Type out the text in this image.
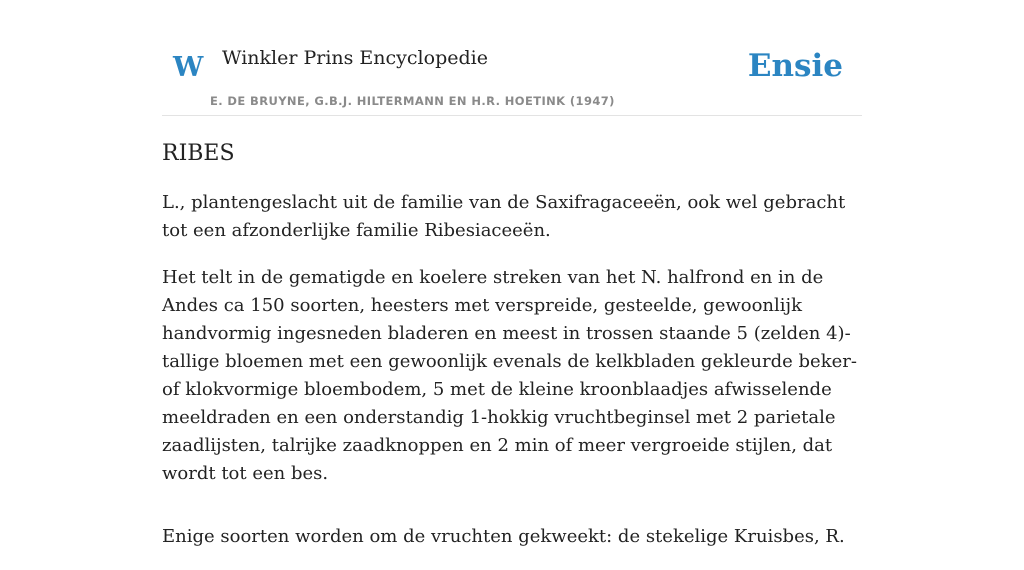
W Winkler Prins Encyclopedie
E. DE BRUYNE, G.B.J. HILTERMANN EN H.R. HOETINK (1947)
Ensie
RIBES

L., plantengeslacht uit de familie van de Saxifragaceeën, ook wel gebracht tot een afzonderlijke familie Ribesiaceeën.

Het telt in de gematigde en koelere streken van het N. halfrond en in de Andes ca 150 soorten, heesters met verspreide, gesteelde, gewoonlijk handvormig ingesneden bladeren en meest in trossen staande 5 (zelden 4)-tallige bloemen met een gewoonlijk evenals de kelkbladen gekleurde beker- of klokvormige bloembodem, 5 met de kleine kroonblaadjes afwisselende meeldraden en een onderstandig 1-hokkig vruchtbeginsel met 2 parietale zaadlijsten, talrijke zaadknoppen en 2 min of meer vergroeide stijlen, dat wordt tot een bes.

Enige soorten worden om de vruchten gekweekt: de stekelige Kruisbes, R.
